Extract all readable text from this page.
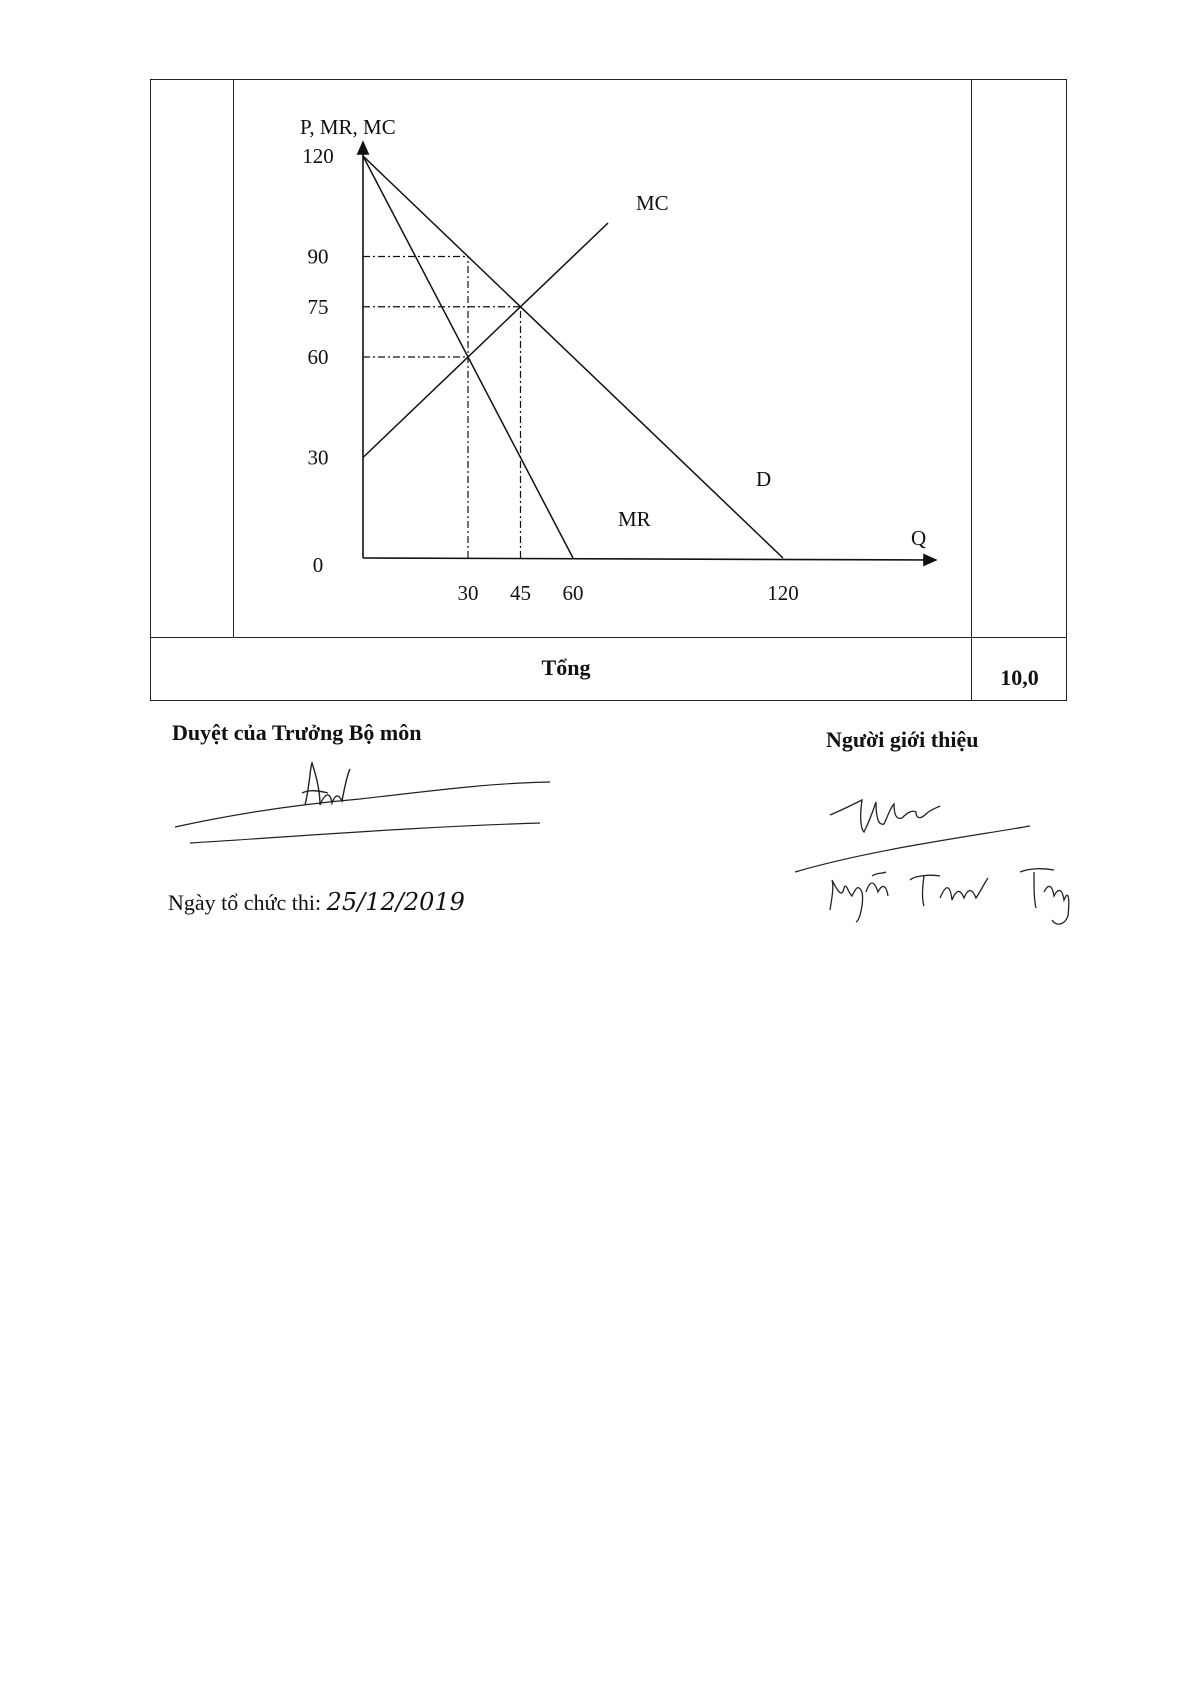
P, MR, MC
Q
D
MR
MC
120
90
75
60
30
0
30 45 60	120
Tổng	10,0
Duyệt của Trưởng Bộ môn	Người giới thiệu
Ngày tổ chức thi: 25/12/2019
